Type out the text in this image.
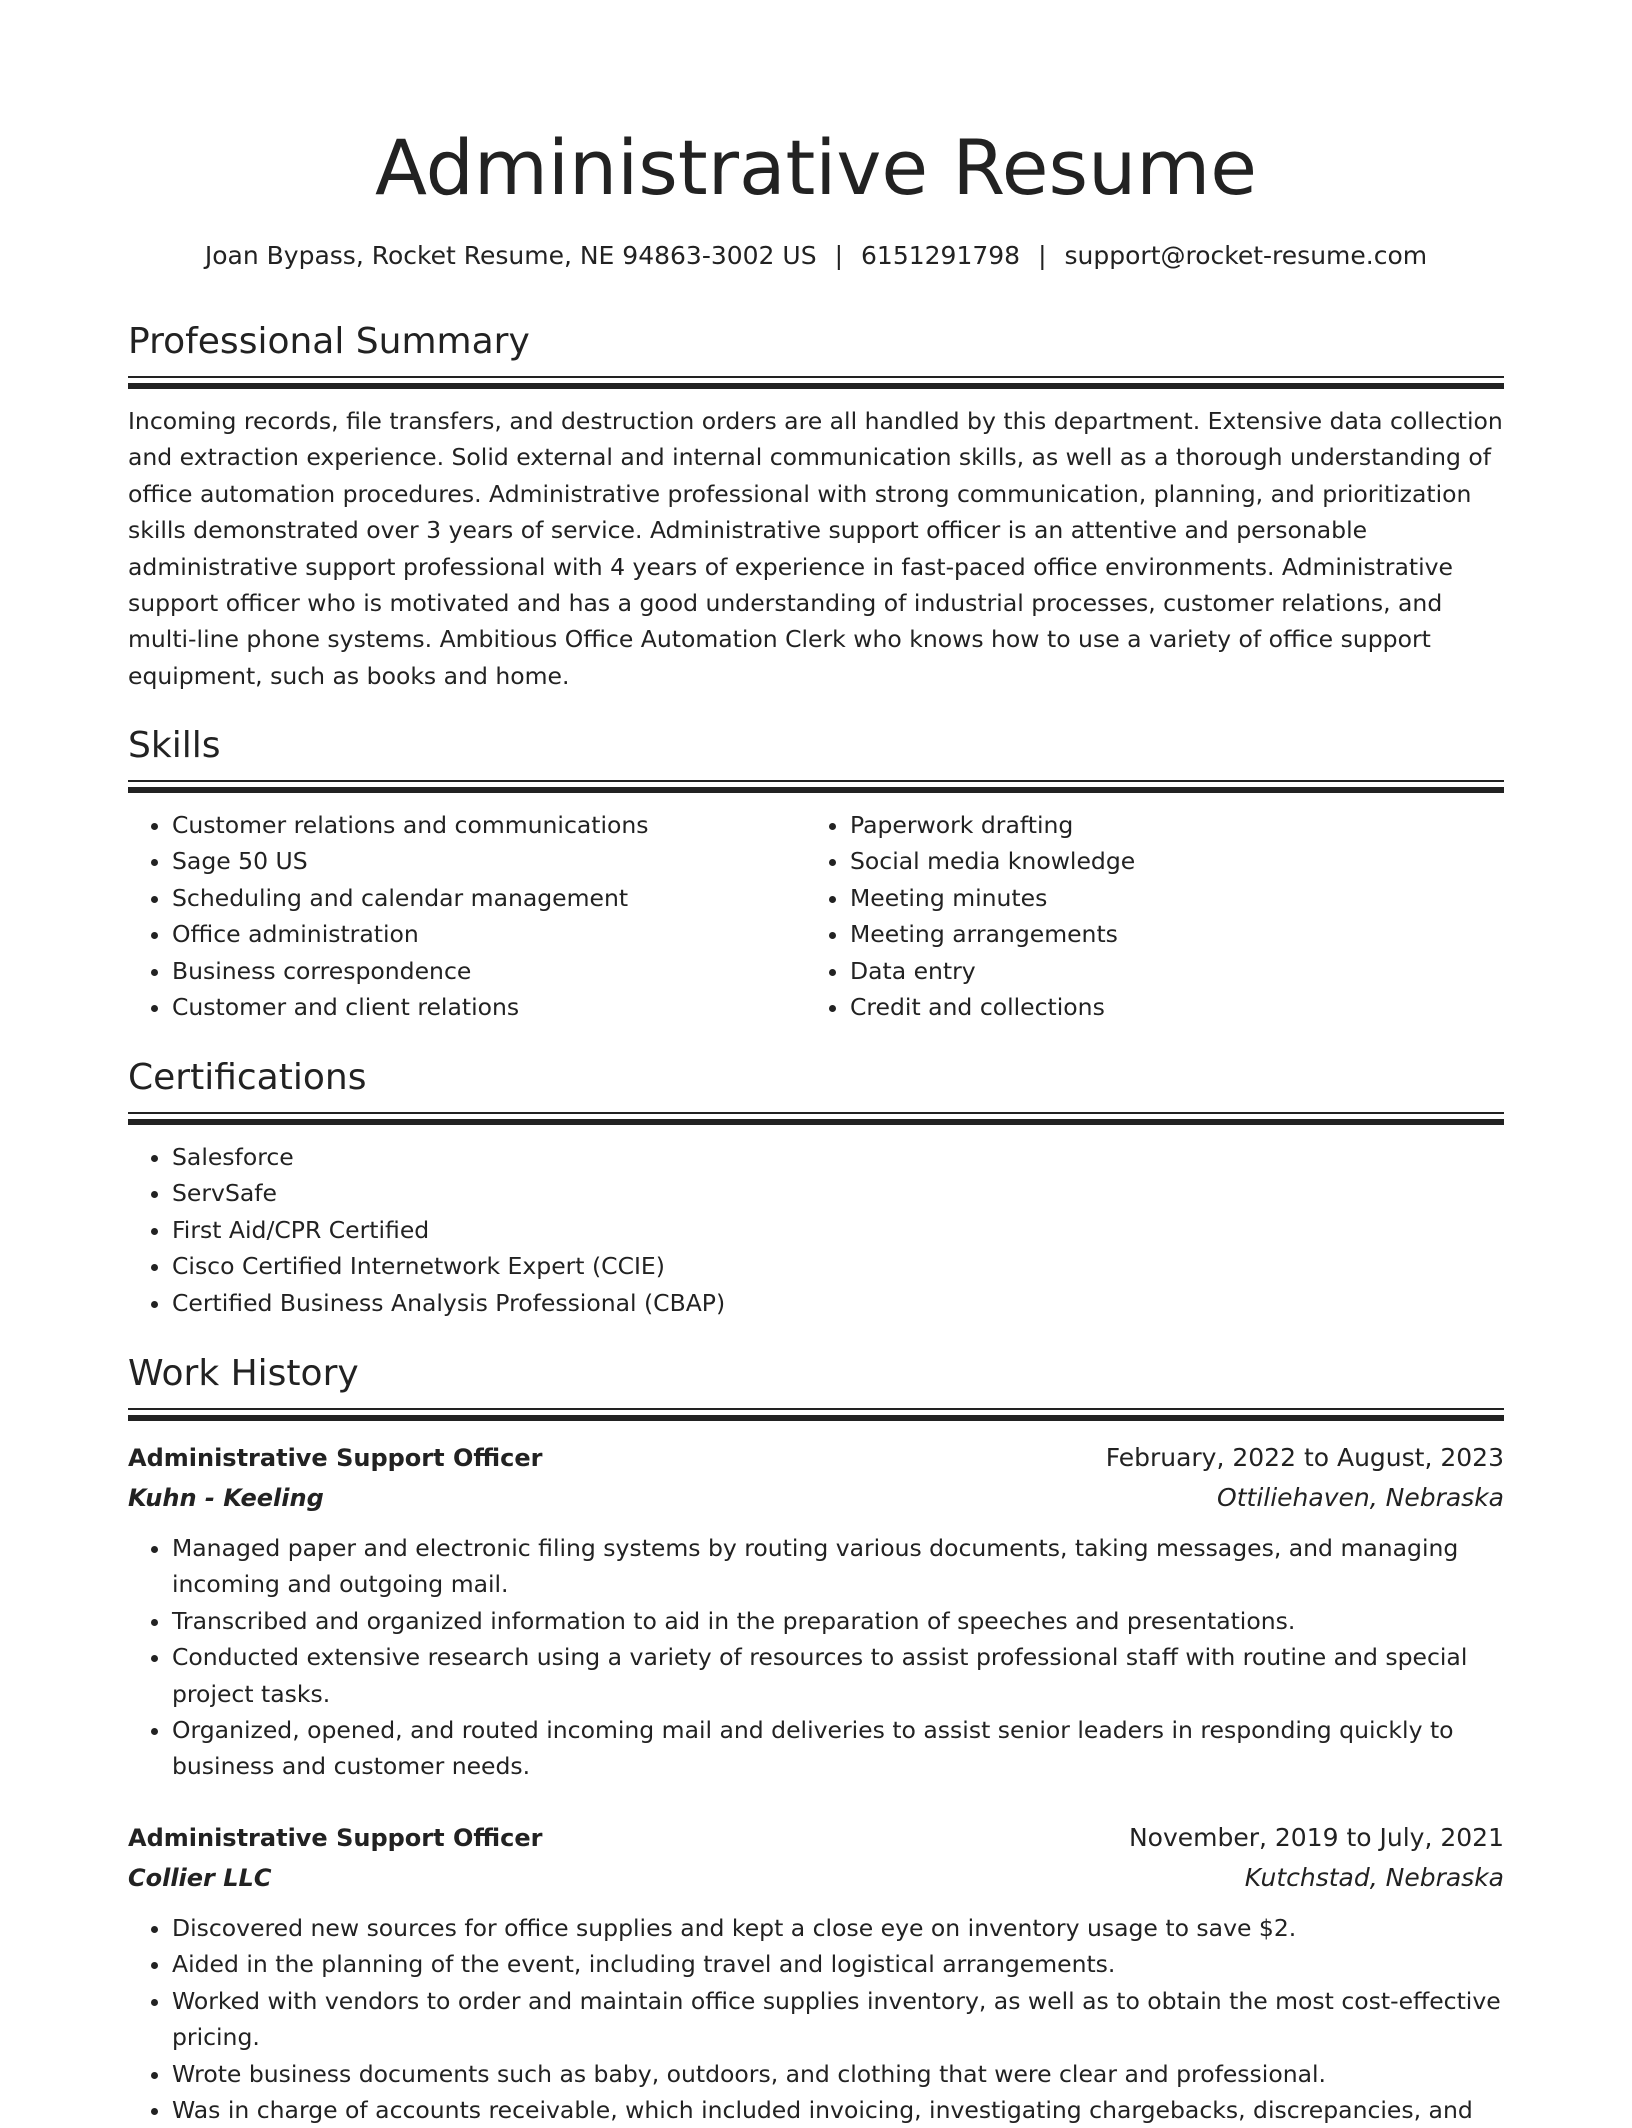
Administrative Resume
Joan Bypass, Rocket Resume, NE 94863-3002 US | 6151291798 | support@rocket-resume.com
Professional Summary
Incoming records, file transfers, and destruction orders are all handled by this department. Extensive data collection and extraction experience. Solid external and internal communication skills, as well as a thorough understanding of office automation procedures. Administrative professional with strong communication, planning, and prioritization skills demonstrated over 3 years of service. Administrative support officer is an attentive and personable administrative support professional with 4 years of experience in fast-paced office environments. Administrative support officer who is motivated and has a good understanding of industrial processes, customer relations, and multi-line phone systems. Ambitious Office Automation Clerk who knows how to use a variety of office support equipment, such as books and home.
Skills
• Customer relations and communications
• Sage 50 US
• Scheduling and calendar management
• Office administration
• Business correspondence
• Customer and client relations
• Paperwork drafting
• Social media knowledge
• Meeting minutes
• Meeting arrangements
• Data entry
• Credit and collections
Certifications
• Salesforce
• ServSafe
• First Aid/CPR Certified
• Cisco Certified Internetwork Expert (CCIE)
• Certified Business Analysis Professional (CBAP)
Work History
Administrative Support Officer	February, 2022 to August, 2023
Kuhn - Keeling	Ottiliehaven, Nebraska
• Managed paper and electronic filing systems by routing various documents, taking messages, and managing incoming and outgoing mail.
• Transcribed and organized information to aid in the preparation of speeches and presentations.
• Conducted extensive research using a variety of resources to assist professional staff with routine and special project tasks.
• Organized, opened, and routed incoming mail and deliveries to assist senior leaders in responding quickly to business and customer needs.
Administrative Support Officer	November, 2019 to July, 2021
Collier LLC	Kutchstad, Nebraska
• Discovered new sources for office supplies and kept a close eye on inventory usage to save $2.
• Aided in the planning of the event, including travel and logistical arrangements.
• Worked with vendors to order and maintain office supplies inventory, as well as to obtain the most cost-effective pricing.
• Wrote business documents such as baby, outdoors, and clothing that were clear and professional.
• Was in charge of accounts receivable, which included invoicing, investigating chargebacks, discrepancies, and
